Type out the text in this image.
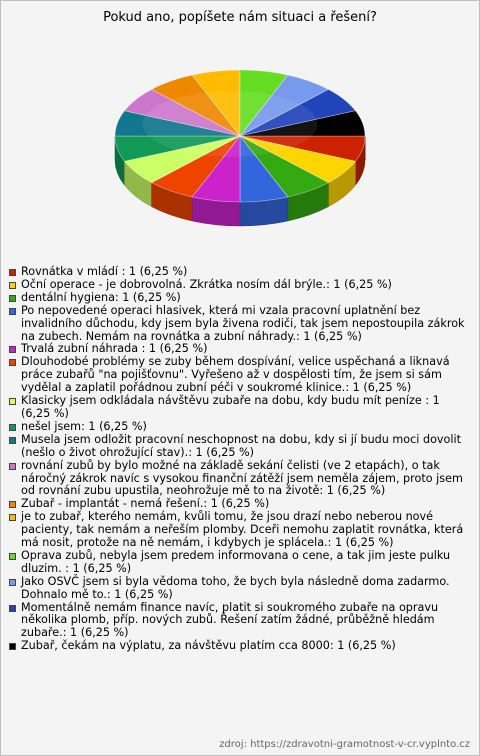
Pokud ano, popíšete nám situaci a řešení?
Rovnátka v mládí : 1 (6,25 %)
Oční operace - je dobrovolná. Zkrátka nosím dál brýle.: 1 (6,25 %)
dentální hygiena: 1 (6,25 %)
Po nepovedené operaci hlasivek, která mi vzala pracovní uplatnění bez invalidního důchodu, kdy jsem byla živena rodiči, tak jsem nepostoupila zákrok na zubech. Nemám na rovnátka a zubní náhrady.: 1 (6,25 %)
Trvalá zubní náhrada : 1 (6,25 %)
Dlouhodobé problémy se zuby během dospívání, velice uspěchaná a liknavá práce zubařů "na pojišťovnu". Vyřešeno až v dospělosti tím, že jsem si sám vydělal a zaplatil pořádnou zubní péči v soukromé klinice.: 1 (6,25 %)
Klasicky jsem odkládala návštěvu zubaře na dobu, kdy budu mít peníze : 1 (6,25 %)
nešel jsem: 1 (6,25 %)
Musela jsem odložit pracovní neschopnost na dobu, kdy si jí budu moci dovolit (nešlo o život ohrožující stav).: 1 (6,25 %)
rovnání zubů by bylo možné na základě sekání čelisti (ve 2 etapách), o tak náročný zákrok navíc s vysokou finanční zátěží jsem neměla zájem, proto jsem od rovnání zubu upustila, neohrožuje mě to na životě: 1 (6,25 %)
Zubař - implantát - nemá řešení.: 1 (6,25 %)
je to zubař, kterého nemám, kvůli tomu, že jsou drazí nebo neberou nové pacienty, tak nemám a neřeším plomby. Dceři nemohu zaplatit rovnátka, která má nosit, protože na ně nemám, i kdybych je splácela.: 1 (6,25 %)
Oprava zubů, nebyla jsem predem informovana o cene, a tak jim jeste pulku dluzim. : 1 (6,25 %)
Jako OSVČ jsem si byla vědoma toho, že bych byla následně doma zadarmo. Dohnalo mě to.: 1 (6,25 %)
Momentálně nemám finance navíc, platit si soukromého zubaře na opravu několika plomb, příp. nových zubů. Řešení zatím žádné, průběžně hledám zubaře.: 1 (6,25 %)
Zubař, čekám na výplatu, za návštěvu platím cca 8000: 1 (6,25 %)
zdroj: https://zdravotni-gramotnost-v-cr.vyplnto.cz
